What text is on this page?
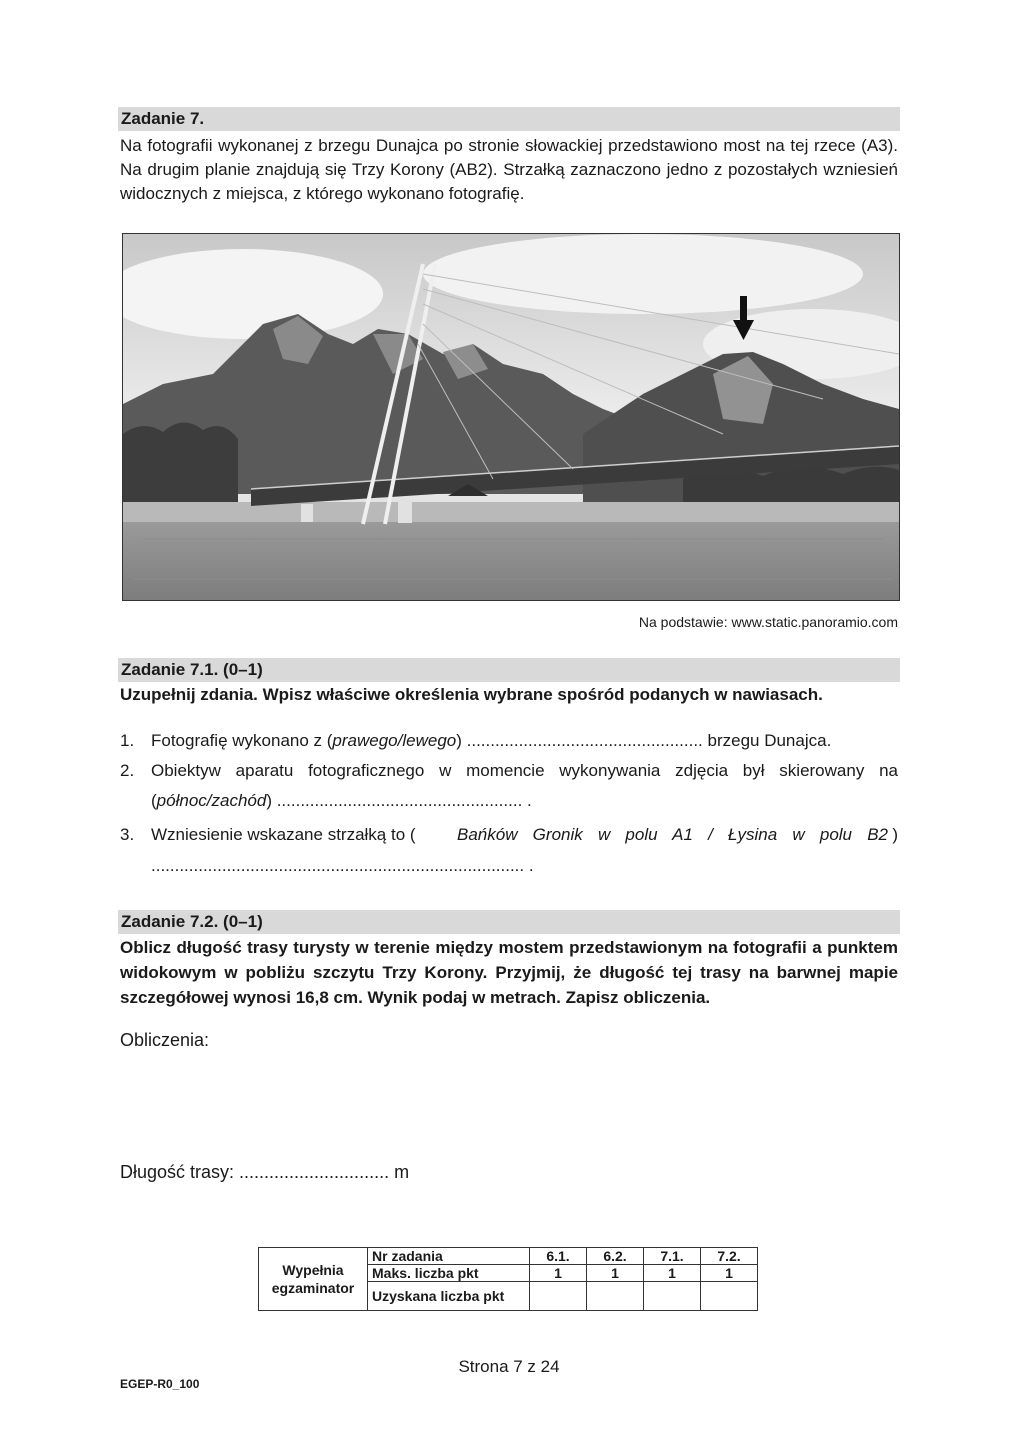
Zadanie 7.

Na fotografii wykonanej z brzegu Dunajca po stronie słowackiej przedstawiono most na tej rzece (A3). Na drugim planie znajdują się Trzy Korony (AB2). Strzałką zaznaczono jedno z pozostałych wzniesień widocznych z miejsca, z którego wykonano fotografię.

Na podstawie: www.static.panoramio.com
Zadanie 7.1. (0–1)
Uzupełnij zdania. Wpisz właściwe określenia wybrane spośród podanych w nawiasach.
1. Fotografię wykonano z (prawego/lewego) .................................................. brzegu Dunajca.
2. Obiektyw aparatu fotograficznego w momencie wykonywania zdjęcia był skierowany na
(północ/zachód) .................................................... .
3. Wzniesienie wskazane strzałką to ( Bańków Gronik w polu A1 / Łysina w polu B2 )
............................................................................... .
Zadanie 7.2. (0–1)

Oblicz długość trasy turysty w terenie między mostem przedstawionym na fotografii a punktem widokowym w pobliżu szczytu Trzy Korony. Przyjmij, że długość tej trasy na barwnej mapie szczegółowej wynosi 16,8 cm. Wynik podaj w metrach. Zapisz obliczenia.

Obliczenia:
Długość trasy: .............................. m
Wypełnia egzaminator	Nr zadania	6.1.	6.2.	7.1.	7.2.
	Maks. liczba pkt	1	1	1	1
	Uzyskana liczba pkt				
Strona 7 z 24
EGEP-R0_100
